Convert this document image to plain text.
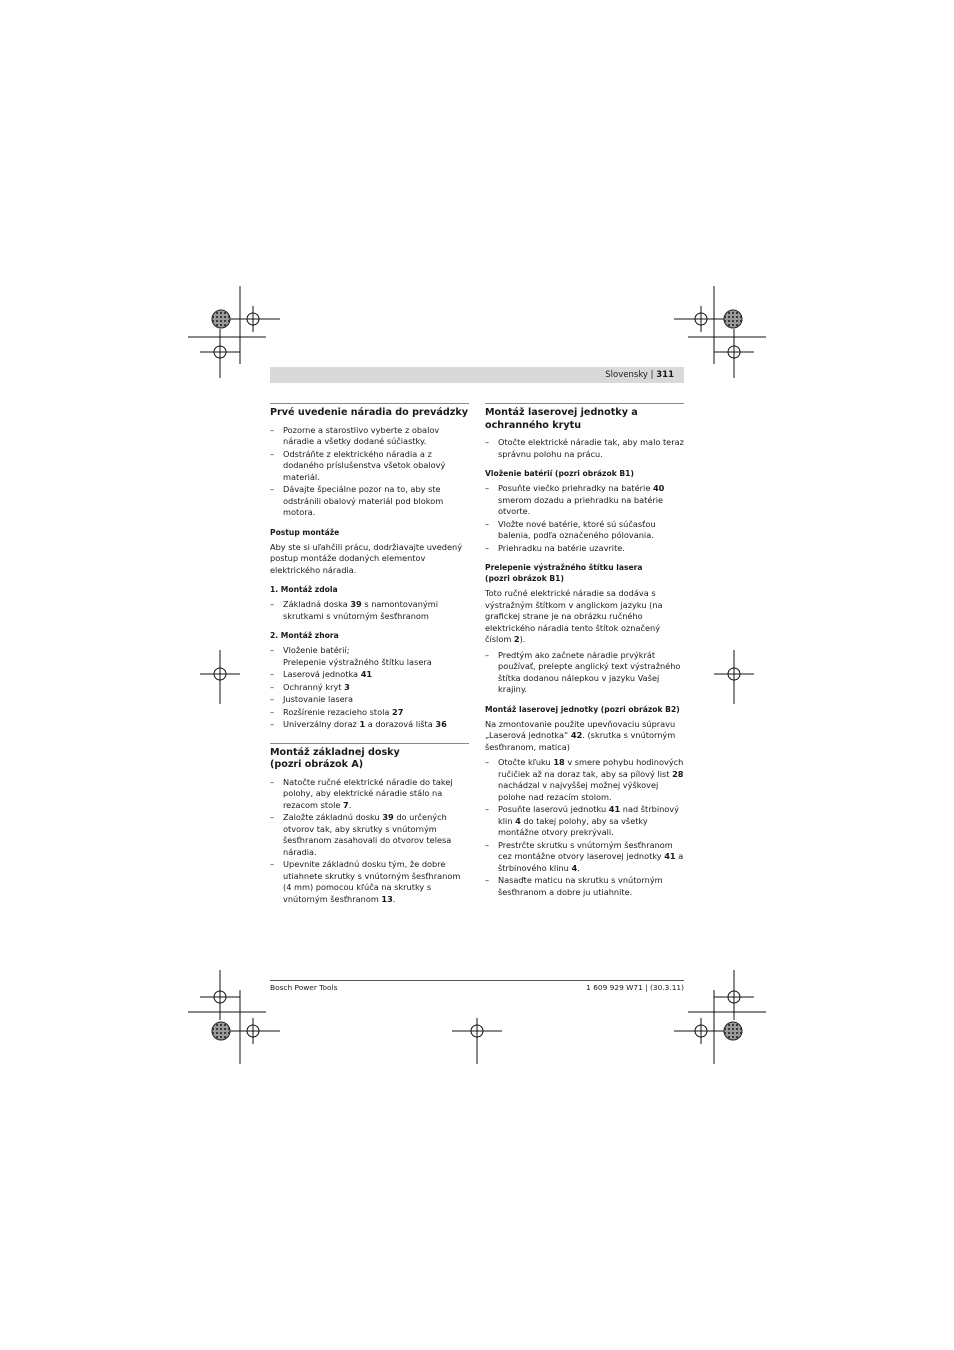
Slovensky | 311
Prvé uvedenie náradia do prevádzky
– Pozorne a starostlivo vyberte z obalov náradie a všetky dodané súčiastky.
– Odstráňte z elektrického náradia a z dodaného príslušenstva všetok obalový materiál.
– Dávajte špeciálne pozor na to, aby ste odstránili obalový materiál pod blokom motora.
Postup montáže

Aby ste si uľahčili prácu, dodržiavajte uvedený postup montáže dodaných elementov elektrického náradia.

1. Montáž zdola
– Základná doska 39 s namontovanými skrutkami s vnútorným šesťhranom
2. Montáž zhora
– Vloženie batérií;
Prelepenie výstražného štítku lasera
– Laserová jednotka 41
– Ochranný kryt 3
– Justovanie lasera
– Rozšírenie rezacieho stola 27
– Univerzálny doraz 1 a dorazová lišta 36
Montáž základnej dosky
(pozri obrázok A)
– Natočte ručné elektrické náradie do takej polohy, aby elektrické náradie stálo na rezacom stole 7.
– Založte základnú dosku 39 do určených otvorov tak, aby skrutky s vnútorným šesťhranom zasahovali do otvorov telesa náradia.
– Upevnite základnú dosku tým, že dobre utiahnete skrutky s vnútorným šesťhranom (4 mm) pomocou kľúča na skrutky s vnútorným šesťhranom 13.
Montáž laserovej jednotky a
ochranného krytu
– Otočte elektrické náradie tak, aby malo teraz správnu polohu na prácu.
Vloženie batérií (pozri obrázok B1)
– Posuňte viečko priehradky na batérie 40 smerom dozadu a priehradku na batérie otvorte.
– Vložte nové batérie, ktoré sú súčasťou balenia, podľa označeného pólovania.
– Priehradku na batérie uzavrite.
Prelepenie výstražného štítku lasera
(pozri obrázok B1)

Toto ručné elektrické náradie sa dodáva s výstražným štítkom v anglickom jazyku (na grafickej strane je na obrázku ručného elektrického náradia tento štítok označený číslom 2).

– Predtým ako začnete náradie prvýkrát používať, prelepte anglický text výstražného štítka dodanou nálepkou v jazyku Vašej krajiny.
Montáž laserovej jednotky (pozri obrázok B2)

Na zmontovanie použite upevňovaciu súpravu „Laserová jednotka“ 42. (skrutka s vnútorným šesťhranom, matica)

– Otočte kľuku 18 v smere pohybu hodinových ručičiek až na doraz tak, aby sa pílový list 28 nachádzal v najvyššej možnej výškovej polohe nad rezacím stolom.
– Posuňte laserovú jednotku 41 nad štrbinový klin 4 do takej polohy, aby sa všetky montážne otvory prekrývali.
– Prestrčte skrutku s vnútorným šesťhranom cez montážne otvory laserovej jednotky 41 a štrbinového klinu 4.
– Nasaďte maticu na skrutku s vnútorným šesťhranom a dobre ju utiahnite.
Bosch Power Tools	1 609 929 W71 | (30.3.11)
